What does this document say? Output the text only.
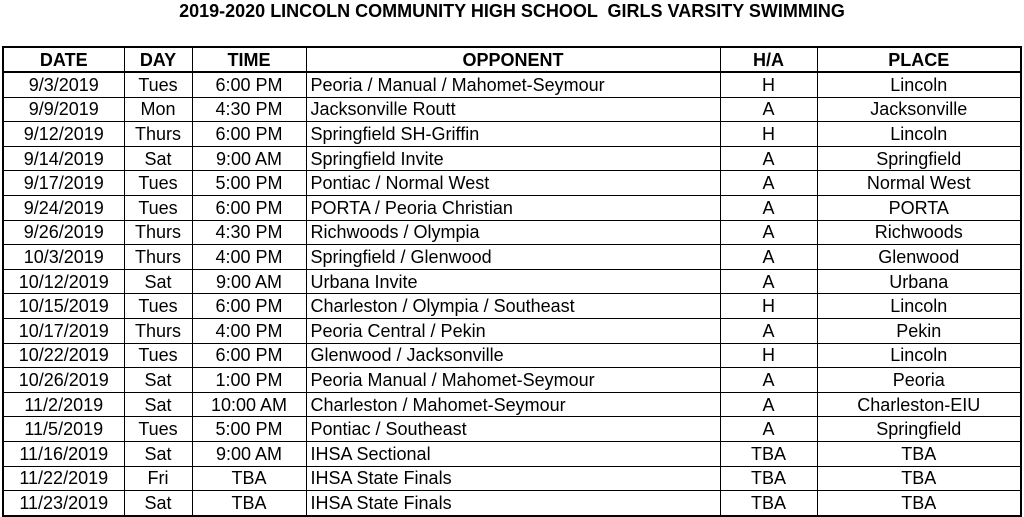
2019-2020 LINCOLN COMMUNITY HIGH SCHOOL  GIRLS VARSITY SWIMMING
DATE	DAY	TIME	OPPONENT	H/A	PLACE
9/3/2019	Tues	6:00 PM	Peoria / Manual / Mahomet-Seymour	H	Lincoln
9/9/2019	Mon	4:30 PM	Jacksonville Routt	A	Jacksonville
9/12/2019	Thurs	6:00 PM	Springfield SH-Griffin	H	Lincoln
9/14/2019	Sat	9:00 AM	Springfield Invite	A	Springfield
9/17/2019	Tues	5:00 PM	Pontiac / Normal West	A	Normal West
9/24/2019	Tues	6:00 PM	PORTA / Peoria Christian	A	PORTA
9/26/2019	Thurs	4:30 PM	Richwoods / Olympia	A	Richwoods
10/3/2019	Thurs	4:00 PM	Springfield / Glenwood	A	Glenwood
10/12/2019	Sat	9:00 AM	Urbana Invite	A	Urbana
10/15/2019	Tues	6:00 PM	Charleston / Olympia / Southeast	H	Lincoln
10/17/2019	Thurs	4:00 PM	Peoria Central / Pekin	A	Pekin
10/22/2019	Tues	6:00 PM	Glenwood / Jacksonville	H	Lincoln
10/26/2019	Sat	1:00 PM	Peoria Manual / Mahomet-Seymour	A	Peoria
11/2/2019	Sat	10:00 AM	Charleston / Mahomet-Seymour	A	Charleston-EIU
11/5/2019	Tues	5:00 PM	Pontiac / Southeast	A	Springfield
11/16/2019	Sat	9:00 AM	IHSA Sectional	TBA	TBA
11/22/2019	Fri	TBA	IHSA State Finals	TBA	TBA
11/23/2019	Sat	TBA	IHSA State Finals	TBA	TBA
